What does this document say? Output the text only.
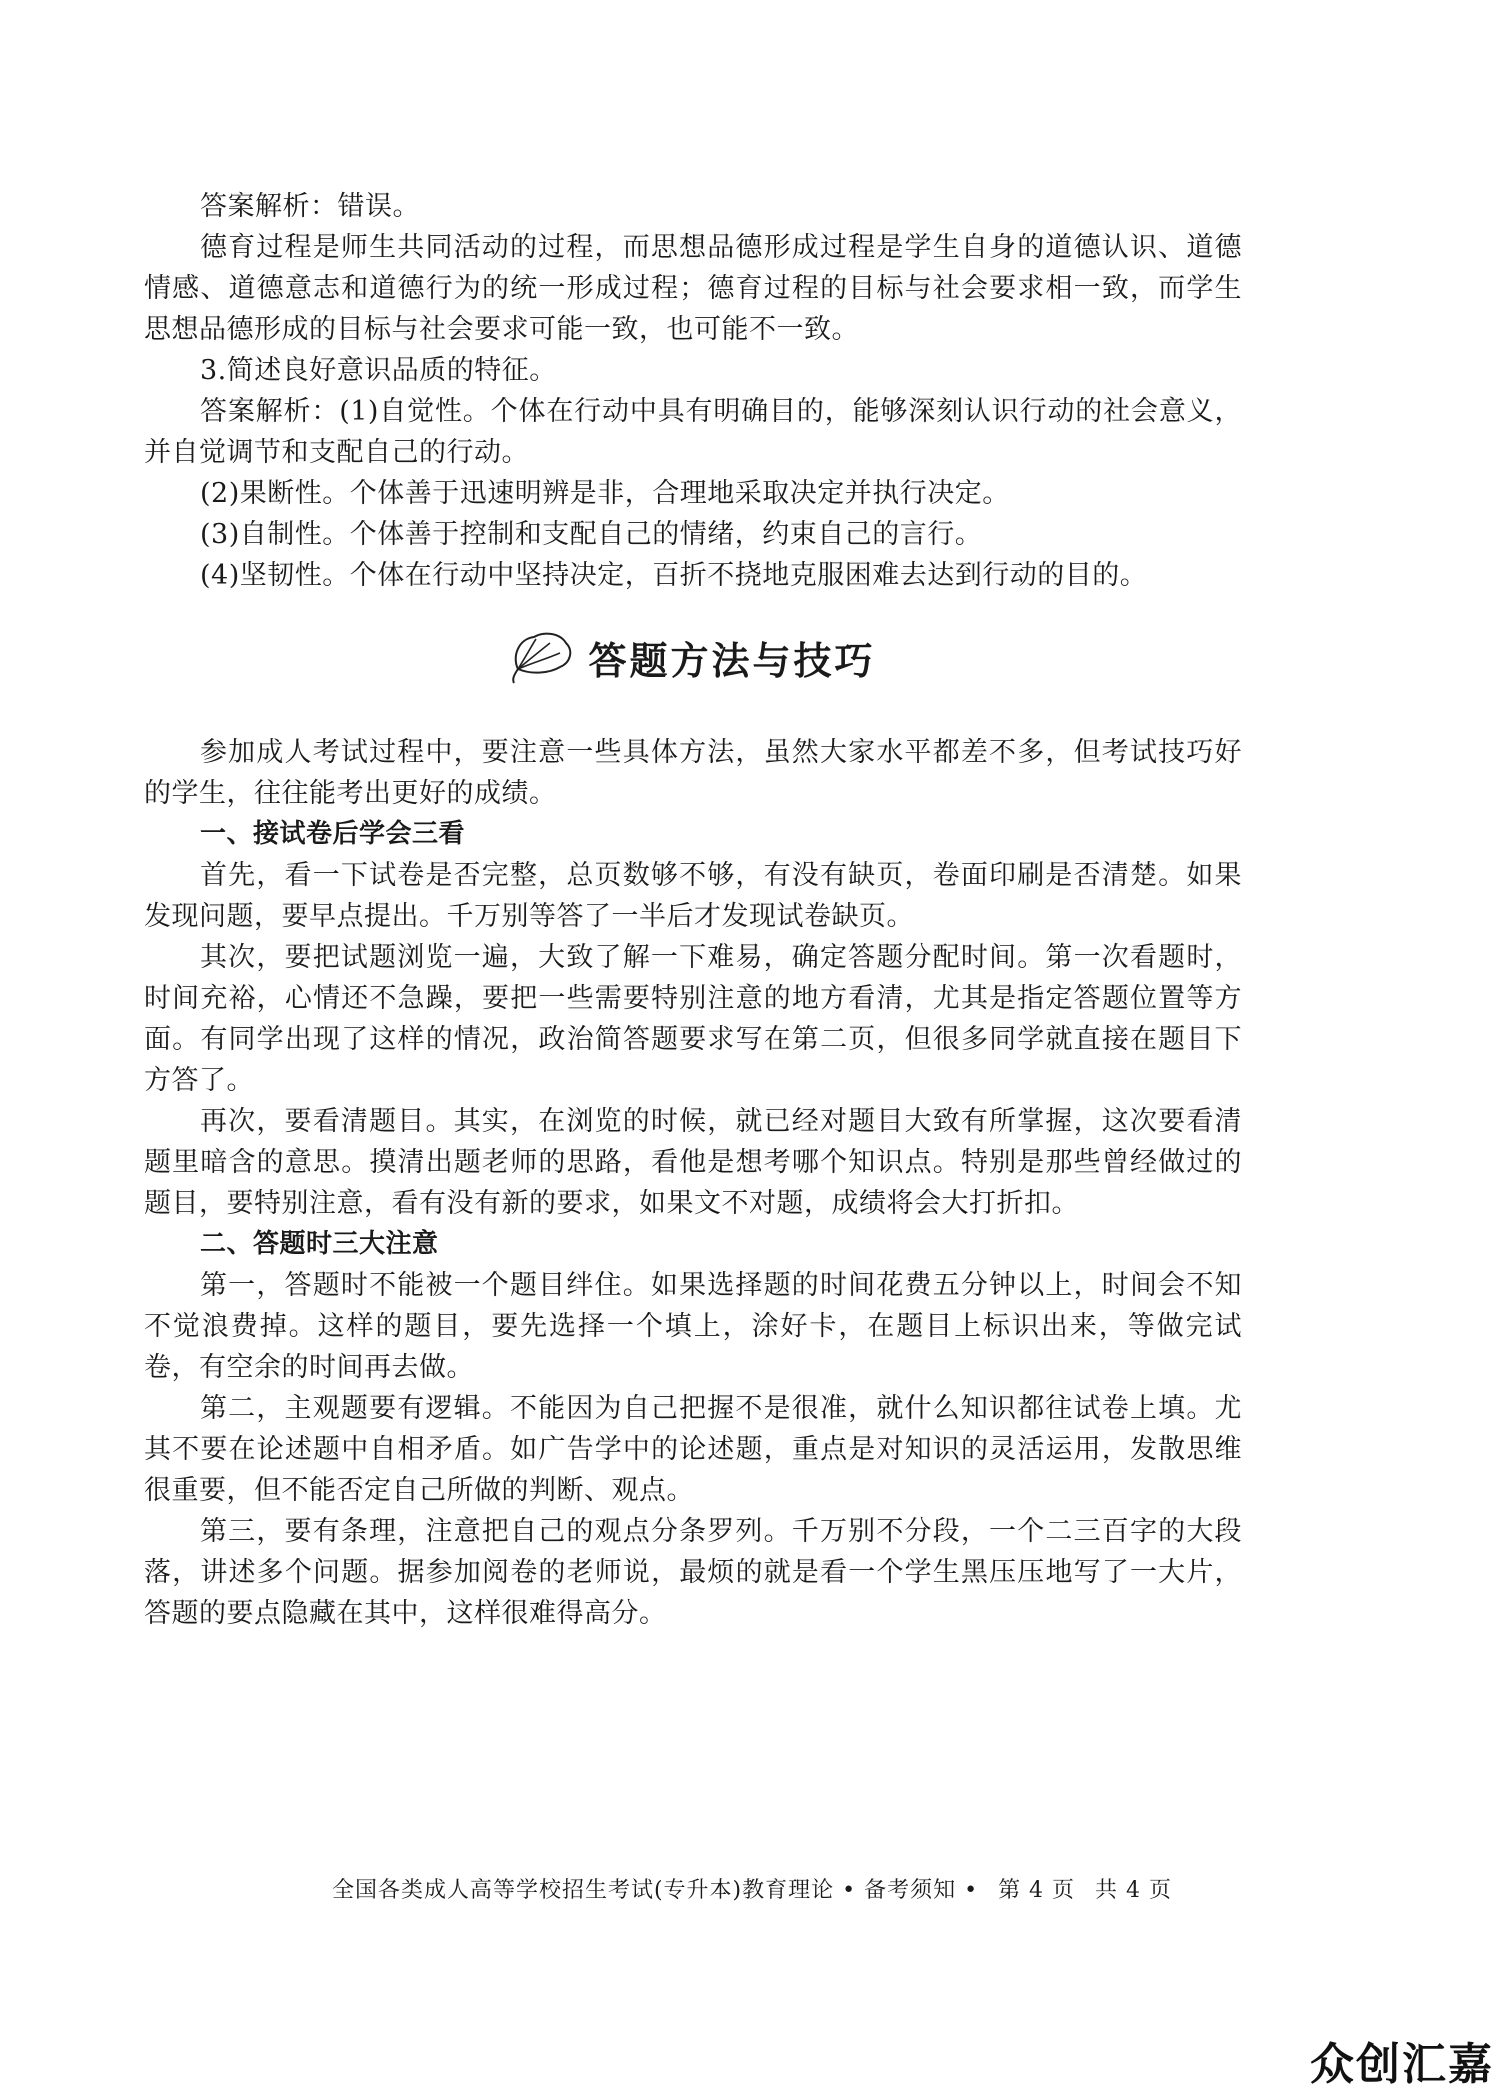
答案解析：错误。

德育过程是师生共同活动的过程，而思想品德形成过程是学生自身的道德认识、道德情感、道德意志和道德行为的统一形成过程；德育过程的目标与社会要求相一致，而学生思想品德形成的目标与社会要求可能一致，也可能不一致。

3.简述良好意识品质的特征。

答案解析：(1)自觉性。个体在行动中具有明确目的，能够深刻认识行动的社会意义，并自觉调节和支配自己的行动。

(2)果断性。个体善于迅速明辨是非，合理地采取决定并执行决定。

(3)自制性。个体善于控制和支配自己的情绪，约束自己的言行。

(4)坚韧性。个体在行动中坚持决定，百折不挠地克服困难去达到行动的目的。

答题方法与技巧

参加成人考试过程中，要注意一些具体方法，虽然大家水平都差不多，但考试技巧好的学生，往往能考出更好的成绩。

一、接试卷后学会三看

首先，看一下试卷是否完整，总页数够不够，有没有缺页，卷面印刷是否清楚。如果发现问题，要早点提出。千万别等答了一半后才发现试卷缺页。

其次，要把试题浏览一遍，大致了解一下难易，确定答题分配时间。第一次看题时，时间充裕，心情还不急躁，要把一些需要特别注意的地方看清，尤其是指定答题位置等方面。有同学出现了这样的情况，政治简答题要求写在第二页，但很多同学就直接在题目下方答了。

再次，要看清题目。其实，在浏览的时候，就已经对题目大致有所掌握，这次要看清题里暗含的意思。摸清出题老师的思路，看他是想考哪个知识点。特别是那些曾经做过的题目，要特别注意，看有没有新的要求，如果文不对题，成绩将会大打折扣。

二、答题时三大注意

第一，答题时不能被一个题目绊住。如果选择题的时间花费五分钟以上，时间会不知不觉浪费掉。这样的题目，要先选择一个填上，涂好卡，在题目上标识出来，等做完试卷，有空余的时间再去做。

第二，主观题要有逻辑。不能因为自己把握不是很准，就什么知识都往试卷上填。尤其不要在论述题中自相矛盾。如广告学中的论述题，重点是对知识的灵活运用，发散思维很重要，但不能否定自己所做的判断、观点。

第三，要有条理，注意把自己的观点分条罗列。千万别不分段，一个二三百字的大段落，讲述多个问题。据参加阅卷的老师说，最烦的就是看一个学生黑压压地写了一大片，答题的要点隐藏在其中，这样很难得高分。

全国各类成人高等学校招生考试(专升本)教育理论 • 备考须知 • 第 4 页 共 4 页
众创汇嘉
